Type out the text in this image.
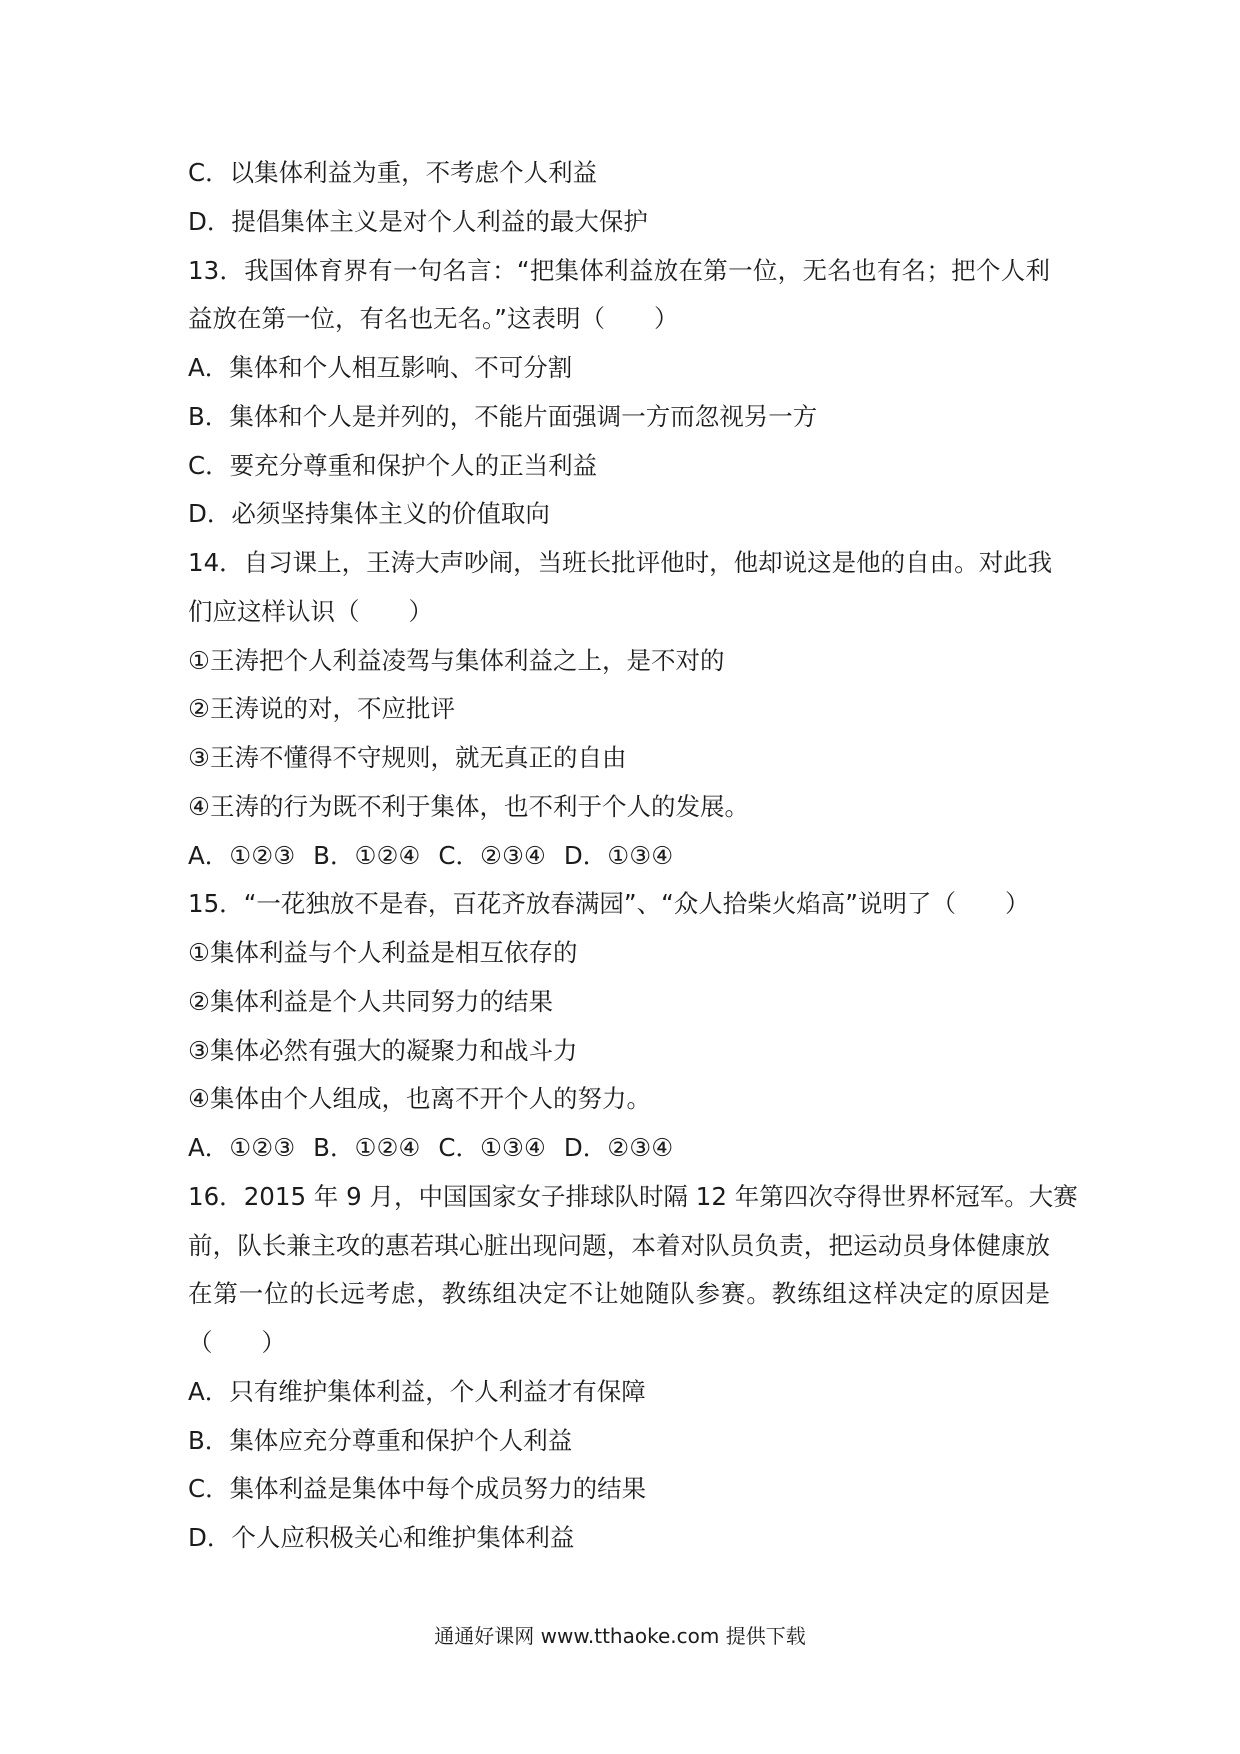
C．以集体利益为重，不考虑个人利益
D．提倡集体主义是对个人利益的最大保护
13．我国体育界有一句名言：“把集体利益放在第一位，无名也有名；把个人利
益放在第一位，有名也无名。”这表明（　　）
A．集体和个人相互影响、不可分割
B．集体和个人是并列的，不能片面强调一方而忽视另一方
C．要充分尊重和保护个人的正当利益
D．必须坚持集体主义的价值取向
14．自习课上，王涛大声吵闹，当班长批评他时，他却说这是他的自由。对此我
们应这样认识（　　）
①王涛把个人利益凌驾与集体利益之上，是不对的
②王涛说的对，不应批评
③王涛不懂得不守规则，就无真正的自由
④王涛的行为既不利于集体，也不利于个人的发展。
A．①②③ B．①②④ C．②③④ D．①③④
15．“一花独放不是春，百花齐放春满园”、“众人拾柴火焰高”说明了（　　）
①集体利益与个人利益是相互依存的
②集体利益是个人共同努力的结果
③集体必然有强大的凝聚力和战斗力
④集体由个人组成，也离不开个人的努力。
A．①②③ B．①②④ C．①③④ D．②③④
16．2015 年 9 月，中国国家女子排球队时隔 12 年第四次夺得世界杯冠军。大赛
前，队长兼主攻的惠若琪心脏出现问题，本着对队员负责，把运动员身体健康放
在第一位的长远考虑，教练组决定不让她随队参赛。教练组这样决定的原因是
（　　）
A．只有维护集体利益，个人利益才有保障
B．集体应充分尊重和保护个人利益
C．集体利益是集体中每个成员努力的结果
D．个人应积极关心和维护集体利益
通通好课网 www.tthaoke.com 提供下载
